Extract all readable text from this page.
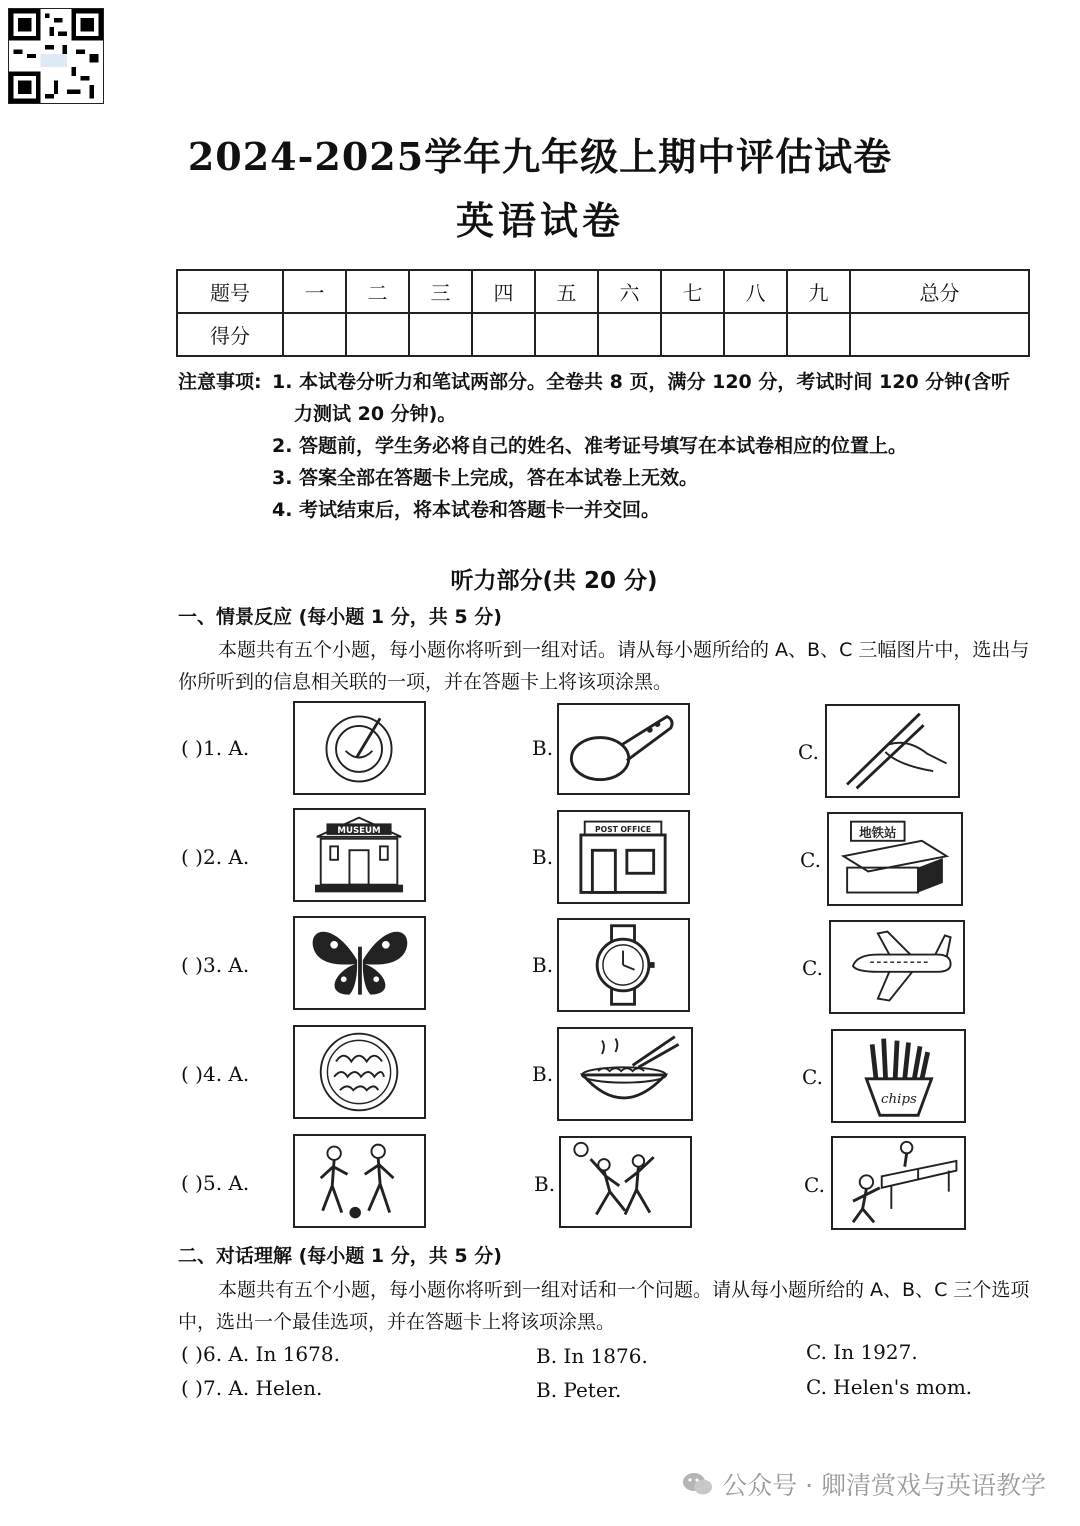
2024-2025学年九年级上期中评估试卷
英语试卷
题号	一	二	三	四	五	六	七	八	九	总分
得分										
注意事项: 1. 本试卷分听力和笔试两部分。全卷共 8 页，满分 120 分，考试时间 120 分钟(含听
力测试 20 分钟)。
2. 答题前，学生务必将自己的姓名、准考证号填写在本试卷相应的位置上。
3. 答案全部在答题卡上完成，答在本试卷上无效。
4. 考试结束后，将本试卷和答题卡一并交回。
听力部分(共 20 分)
一、情景反应 (每小题 1 分，共 5 分)
本题共有五个小题，每小题你将听到一组对话。请从每小题所给的 A、B、C 三幅图片中，选出与你所听到的信息相关联的一项，并在答题卡上将该项涂黑。
( )1. A.	B.	C.
( )2. A.
MUSEUM
B.
POST OFFICE
C.
地铁站
( )3. A.	B.	C.
( )4. A.	B.	C.
chips
( )5. A.	B.	C.
二、对话理解 (每小题 1 分，共 5 分)
本题共有五个小题，每小题你将听到一组对话和一个问题。请从每小题所给的 A、B、C 三个选项中，选出一个最佳选项，并在答题卡上将该项涂黑。
( )6. A. In 1678.	B. In 1876.	C. In 1927.
( )7. A. Helen.	B. Peter.	C. Helen's mom.
公众号 · 卿清赏戏与英语教学
